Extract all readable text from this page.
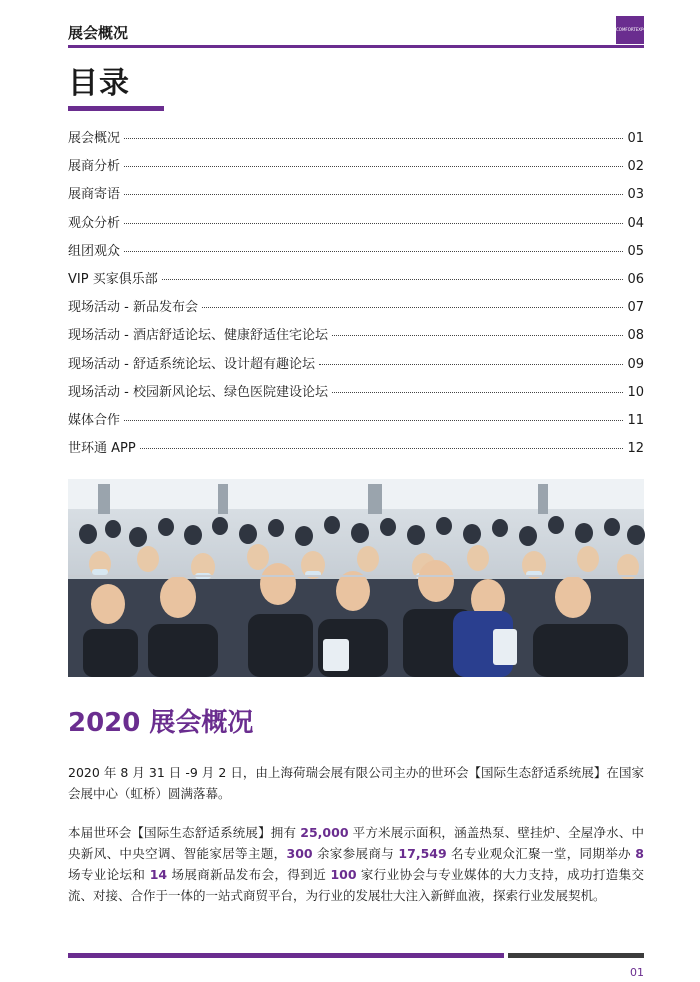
展会概况	COMFORTEXPO CHINA
目录
展会概况	01
展商分析	02
展商寄语	03
观众分析	04
组团观众	05
VIP 买家俱乐部	06
现场活动 - 新品发布会	07
现场活动 - 酒店舒适论坛、健康舒适住宅论坛	08
现场活动 - 舒适系统论坛、设计超有趣论坛	09
现场活动 - 校园新风论坛、绿色医院建设论坛	10
媒体合作	11
世环通 APP	12
2020 展会概况

2020 年 8 月 31 日 -9 月 2 日，由上海荷瑞会展有限公司主办的世环会【国际生态舒适系统展】在国家会展中心（虹桥）圆满落幕。

本届世环会【国际生态舒适系统展】拥有 25,000 平方米展示面积，涵盖热泵、壁挂炉、全屋净水、中央新风、中央空调、智能家居等主题，300 余家参展商与 17,549 名专业观众汇聚一堂，同期举办 8 场专业论坛和 14 场展商新品发布会，得到近 100 家行业协会与专业媒体的大力支持，成功打造集交流、对接、合作于一体的一站式商贸平台，为行业的发展壮大注入新鲜血液，探索行业发展契机。

01
